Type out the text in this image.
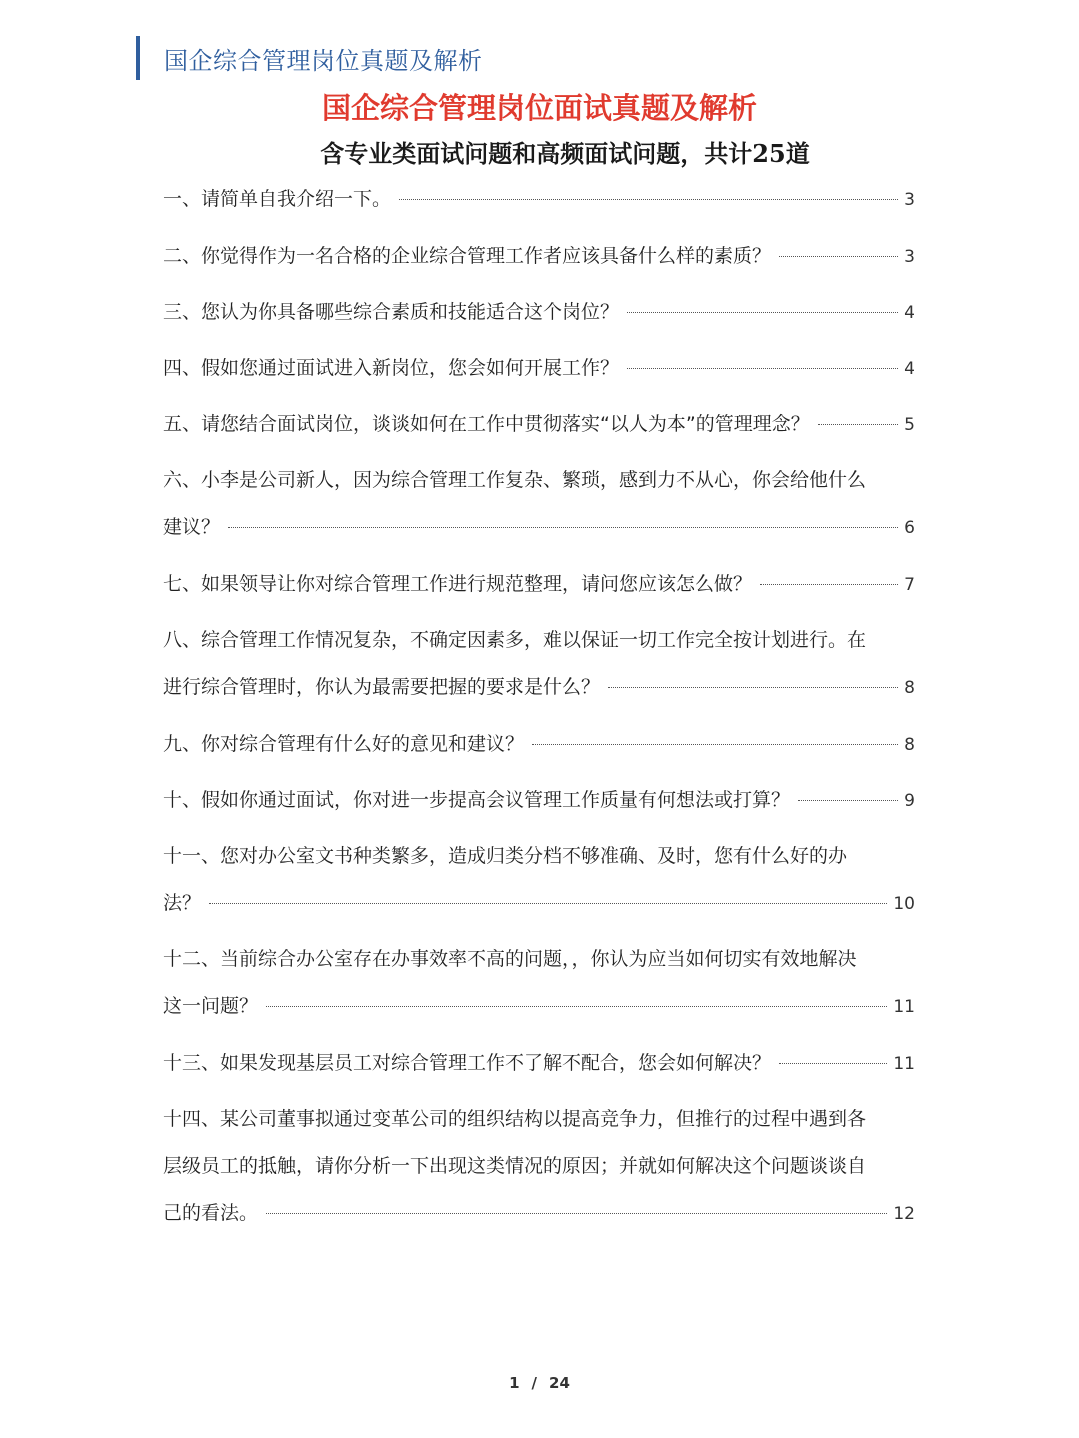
国企综合管理岗位真题及解析
国企综合管理岗位面试真题及解析
含专业类面试问题和高频面试问题，共计25道
一、请简单自我介绍一下。	3
二、你觉得作为一名合格的企业综合管理工作者应该具备什么样的素质？	3
三、您认为你具备哪些综合素质和技能适合这个岗位？	4
四、假如您通过面试进入新岗位，您会如何开展工作？	4
五、请您结合面试岗位，谈谈如何在工作中贯彻落实“以人为本”的管理理念？	5
六、小李是公司新人，因为综合管理工作复杂、繁琐，感到力不从心，你会给他什么
建议？	6
七、如果领导让你对综合管理工作进行规范整理，请问您应该怎么做？	7
八、综合管理工作情况复杂，不确定因素多，难以保证一切工作完全按计划进行。在
进行综合管理时，你认为最需要把握的要求是什么？	8
九、你对综合管理有什么好的意见和建议？	8
十、假如你通过面试，你对进一步提高会议管理工作质量有何想法或打算？	9
十一、您对办公室文书种类繁多，造成归类分档不够准确、及时，您有什么好的办
法？	10
十二、当前综合办公室存在办事效率不高的问题，，你认为应当如何切实有效地解决
这一问题？	11
十三、如果发现基层员工对综合管理工作不了解不配合，您会如何解决？	11
十四、某公司董事拟通过变革公司的组织结构以提高竞争力，但推行的过程中遇到各
层级员工的抵触，请你分析一下出现这类情况的原因；并就如何解决这个问题谈谈自
己的看法。	12
1 / 24
